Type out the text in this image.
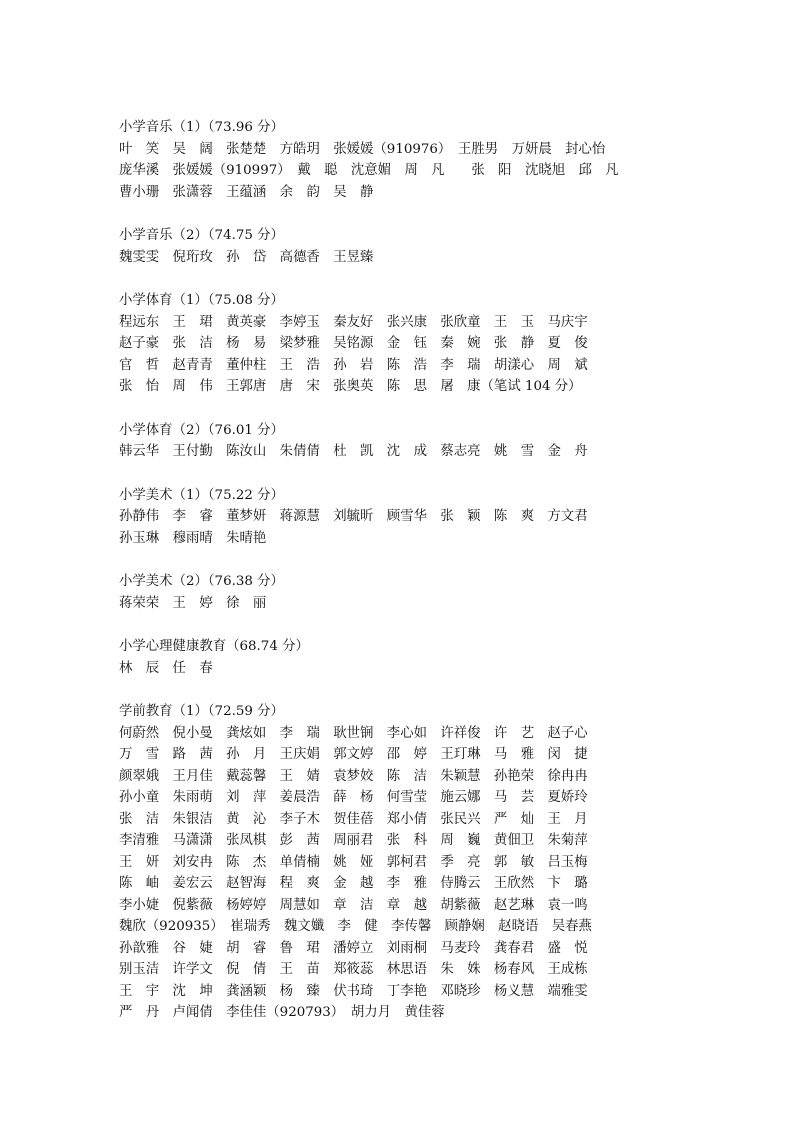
小学音乐（1）（73.96 分）
叶　笑　吴　阔　张楚楚　方皓玥　张媛媛（910976）　王胜男　万妍晨　封心怡
庞华溪　张媛媛（910997）　戴　聪　沈意媚　周　凡　　张　阳　沈晓旭　邱　凡
曹小珊　张潇蓉　王蕴涵　余　韵　吴　静
小学音乐（2）（74.75 分）
魏雯雯　倪珩玫　孙　岱　高德香　王昱臻
小学体育（1）（75.08 分）
程远东　王　珺　黄英豪　李婷玉　秦友好　张兴康　张欣童　王　玉　马庆宇
赵子豪　张　洁　杨　易　梁梦雅　吴铭源　金　钰　秦　婉　张　静　夏　俊
官　哲　赵青青　董仲柱　王　浩　孙　岩　陈　浩　李　瑞　胡漾心　周　斌
张　怡　周　伟　王郭唐　唐　宋　张奥英　陈　思　屠　康（笔试 104 分）
小学体育（2）（76.01 分）
韩云华　王付勤　陈汝山　朱倩倩　杜　凯　沈　成　蔡志亮　姚　雪　金　舟
小学美术（1）（75.22 分）
孙静伟　李　睿　董梦妍　蒋源慧　刘毓昕　顾雪华　张　颖　陈　爽　方文君
孙玉琳　穆雨晴　朱晴艳
小学美术（2）（76.38 分）
蒋荣荣　王　婷　徐　丽
小学心理健康教育（68.74 分）
林　辰　任　春
学前教育（1）（72.59 分）
何蔚然　倪小曼　龚炫如　李　瑞　耿世锎　李心如　许祥俊　许　艺　赵子心
万　雪　路　茜　孙　月　王庆娟　郭文婷　邵　婷　王玎琳　马　雅　闵　捷
颜翠娥　王月佳　戴蕊馨　王　婧　袁梦姣　陈　洁　朱颖慧　孙艳荣　徐冉冉
孙小童　朱雨萌　刘　萍　姜晨浩　薛　杨　何雪莹　施云娜　马　芸　夏娇玲
张　洁　朱银洁　黄　沁　李子木　贺佳蓓　郑小倩　张民兴　严　灿　王　月
李清雅　马潇潇　张凤棋　彭　茜　周丽君　张　科　周　巍　黄佃卫　朱菊萍
王　妍　刘安冉　陈　杰　单倩楠　姚　娅　郭柯君　季　亮　郭　敏　吕玉梅
陈　岫　姜宏云　赵智海　程　爽　金　越　李　雅　侍腾云　王欣然　卞　璐
李小婕　倪紫薇　杨婷婷　周慧如　章　洁　章　越　胡紫薇　赵艺琳　袁一鸣
魏欣（920935）　崔瑞秀　魏文孅　李　健　李传馨　顾静娴　赵晓语　吴春燕
孙歆雅　谷　婕　胡　睿　鲁　珺　潘婷立　刘雨桐　马麦玲　龚春君　盛　悦
别玉洁　许学文　倪　倩　王　苗　郑筱蕊　林思语　朱　姝　杨春风　王成栋
王　宇　沈　坤　龚涵颖　杨　臻　伏书琦　丁李艳　邓晓珍　杨义慧　端雅雯
严　丹　卢闻倩　李佳佳（920793）　胡力月　黄佳蓉
